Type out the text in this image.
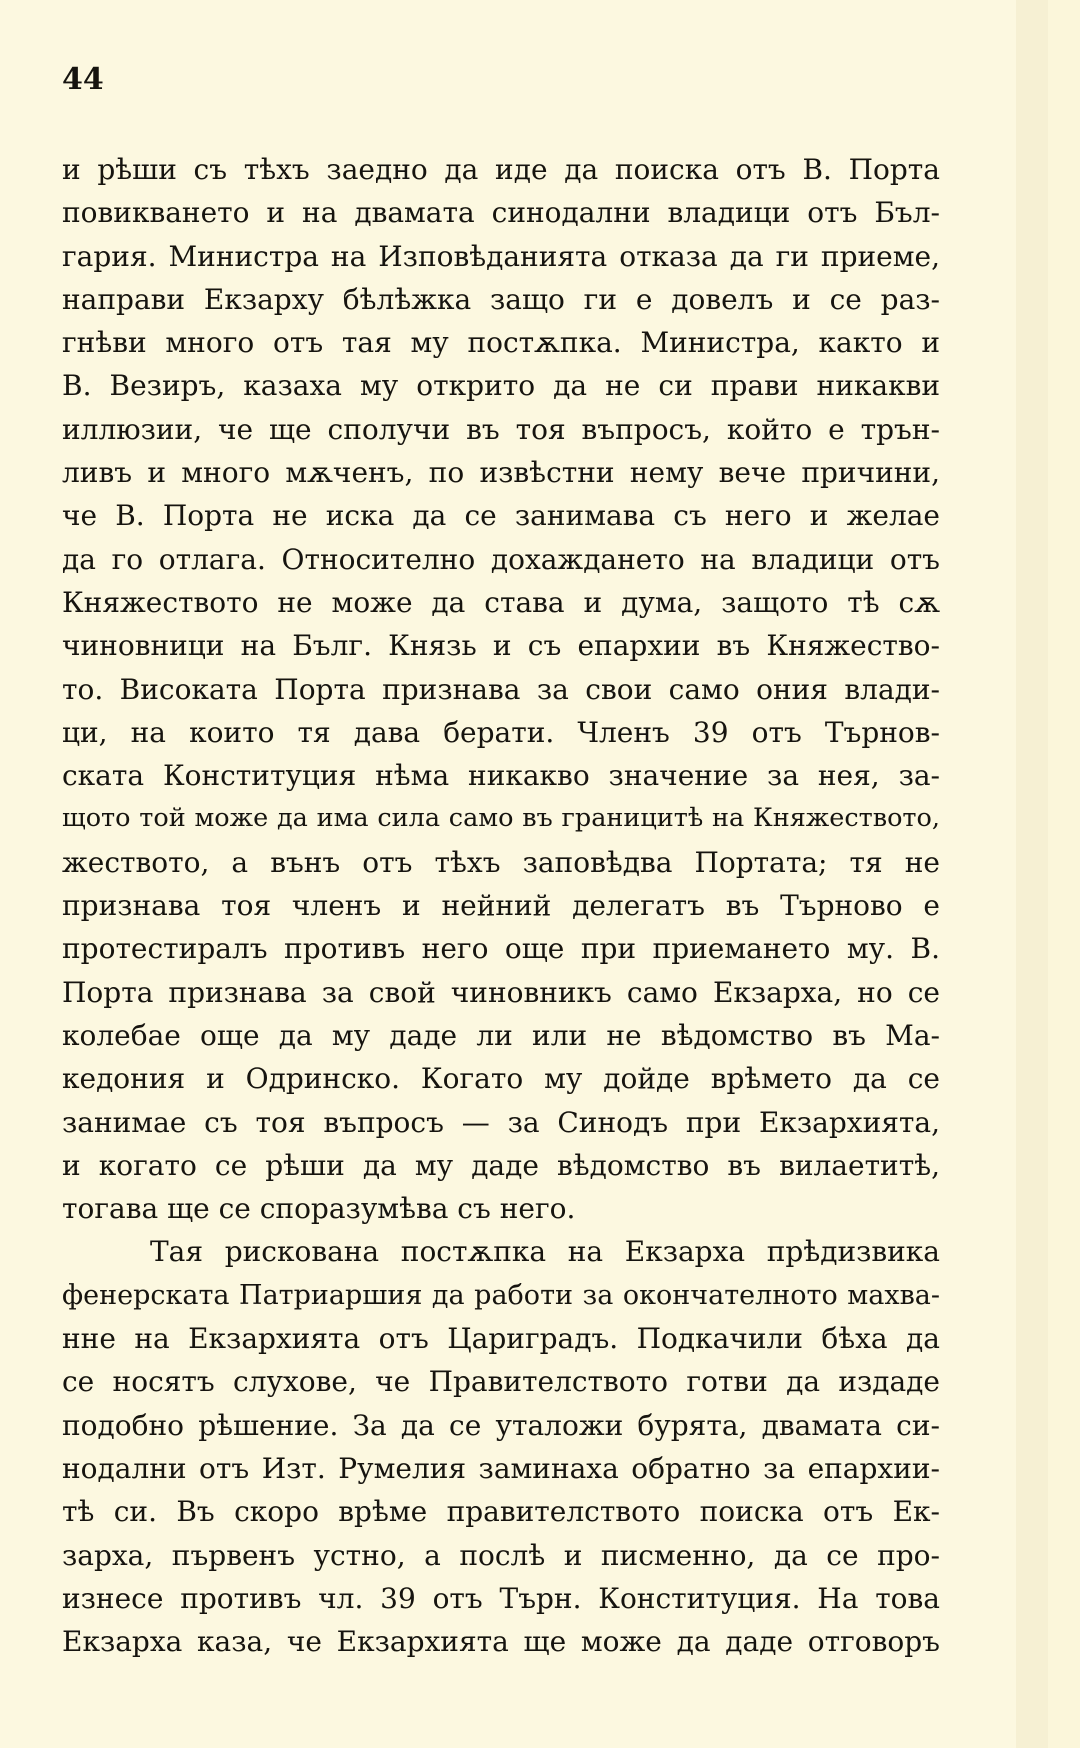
44
и рѣши съ тѣхъ заедно да иде да поиска отъ В. Порта
повикването и на двамата синодални владици отъ Бъл-
гария. Министра на Изповѣданията отказа да ги приеме,
направи Екзарху бѣлѣжка защо ги е довелъ и се раз-
гнѣви много отъ тая му постѫпка. Министра, както и
В. Везиръ, казаха му открито да не си прави никакви
иллюзии, че ще сполучи въ тоя въпросъ, който е трън-
ливъ и много мѫченъ, по извѣстни нему вече причини,
че В. Порта не иска да се занимава съ него и желае
да го отлага. Относително дохаждането на владици отъ
Княжеството не може да става и дума, защото тѣ сѫ
чиновници на Бълг. Князь и съ епархии въ Княжество-
то. Високата Порта признава за свои само ония влади-
ци, на които тя дава берати. Членъ 39 отъ Търнов-
ската Конституция нѣма никакво значение за нея, за-
щото той може да има сила само въ границитѣ на Княжеството,
жеството, а вънъ отъ тѣхъ заповѣдва Портата; тя не
признава тоя членъ и нейний делегатъ въ Търново е
протестиралъ противъ него още при приемането му. В.
Порта признава за свой чиновникъ само Екзарха, но се
колебае още да му даде ли или не вѣдомство въ Ма-
кедония и Одринско. Когато му дойде врѣмето да се
занимае съ тоя въпросъ — за Синодъ при Екзархията,
и когато се рѣши да му даде вѣдомство въ вилаетитѣ,
тогава ще се споразумѣва съ него.
Тая рискована постѫпка на Екзарха прѣдизвика
фенерската Патриаршия да работи за окончателното махва-
нне на Екзархията отъ Цариградъ. Подкачили бѣха да
се носятъ слухове, че Правителството готви да издаде
подобно рѣшение. За да се уталожи бурята, двамата си-
нодални отъ Изт. Румелия заминаха обратно за епархии-
тѣ си. Въ скоро врѣме правителството поиска отъ Ек-
зарха, първенъ устно, а послѣ и писменно, да се про-
изнесе противъ чл. 39 отъ Търн. Конституция. На това
Екзарха каза, че Екзархията ще може да даде отговоръ
